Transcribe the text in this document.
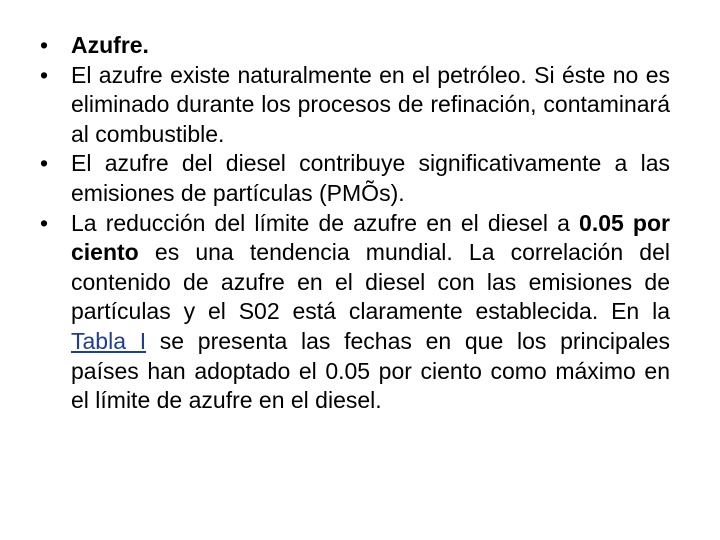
• Azufre.
• El azufre existe naturalmente en el petróleo. Si éste no es eliminado durante los procesos de refinación, contaminará al combustible.
• El azufre del diesel contribuye significativamente a las emisiones de partículas (PMÕs).
• La reducción del límite de azufre en el diesel a 0.05 por ciento es una tendencia mundial. La correlación del contenido de azufre en el diesel con las emisiones de partículas y el S02 está claramente establecida. En la Tabla I se presenta las fechas en que los principales países han adoptado el 0.05 por ciento como máximo en el límite de azufre en el diesel.
